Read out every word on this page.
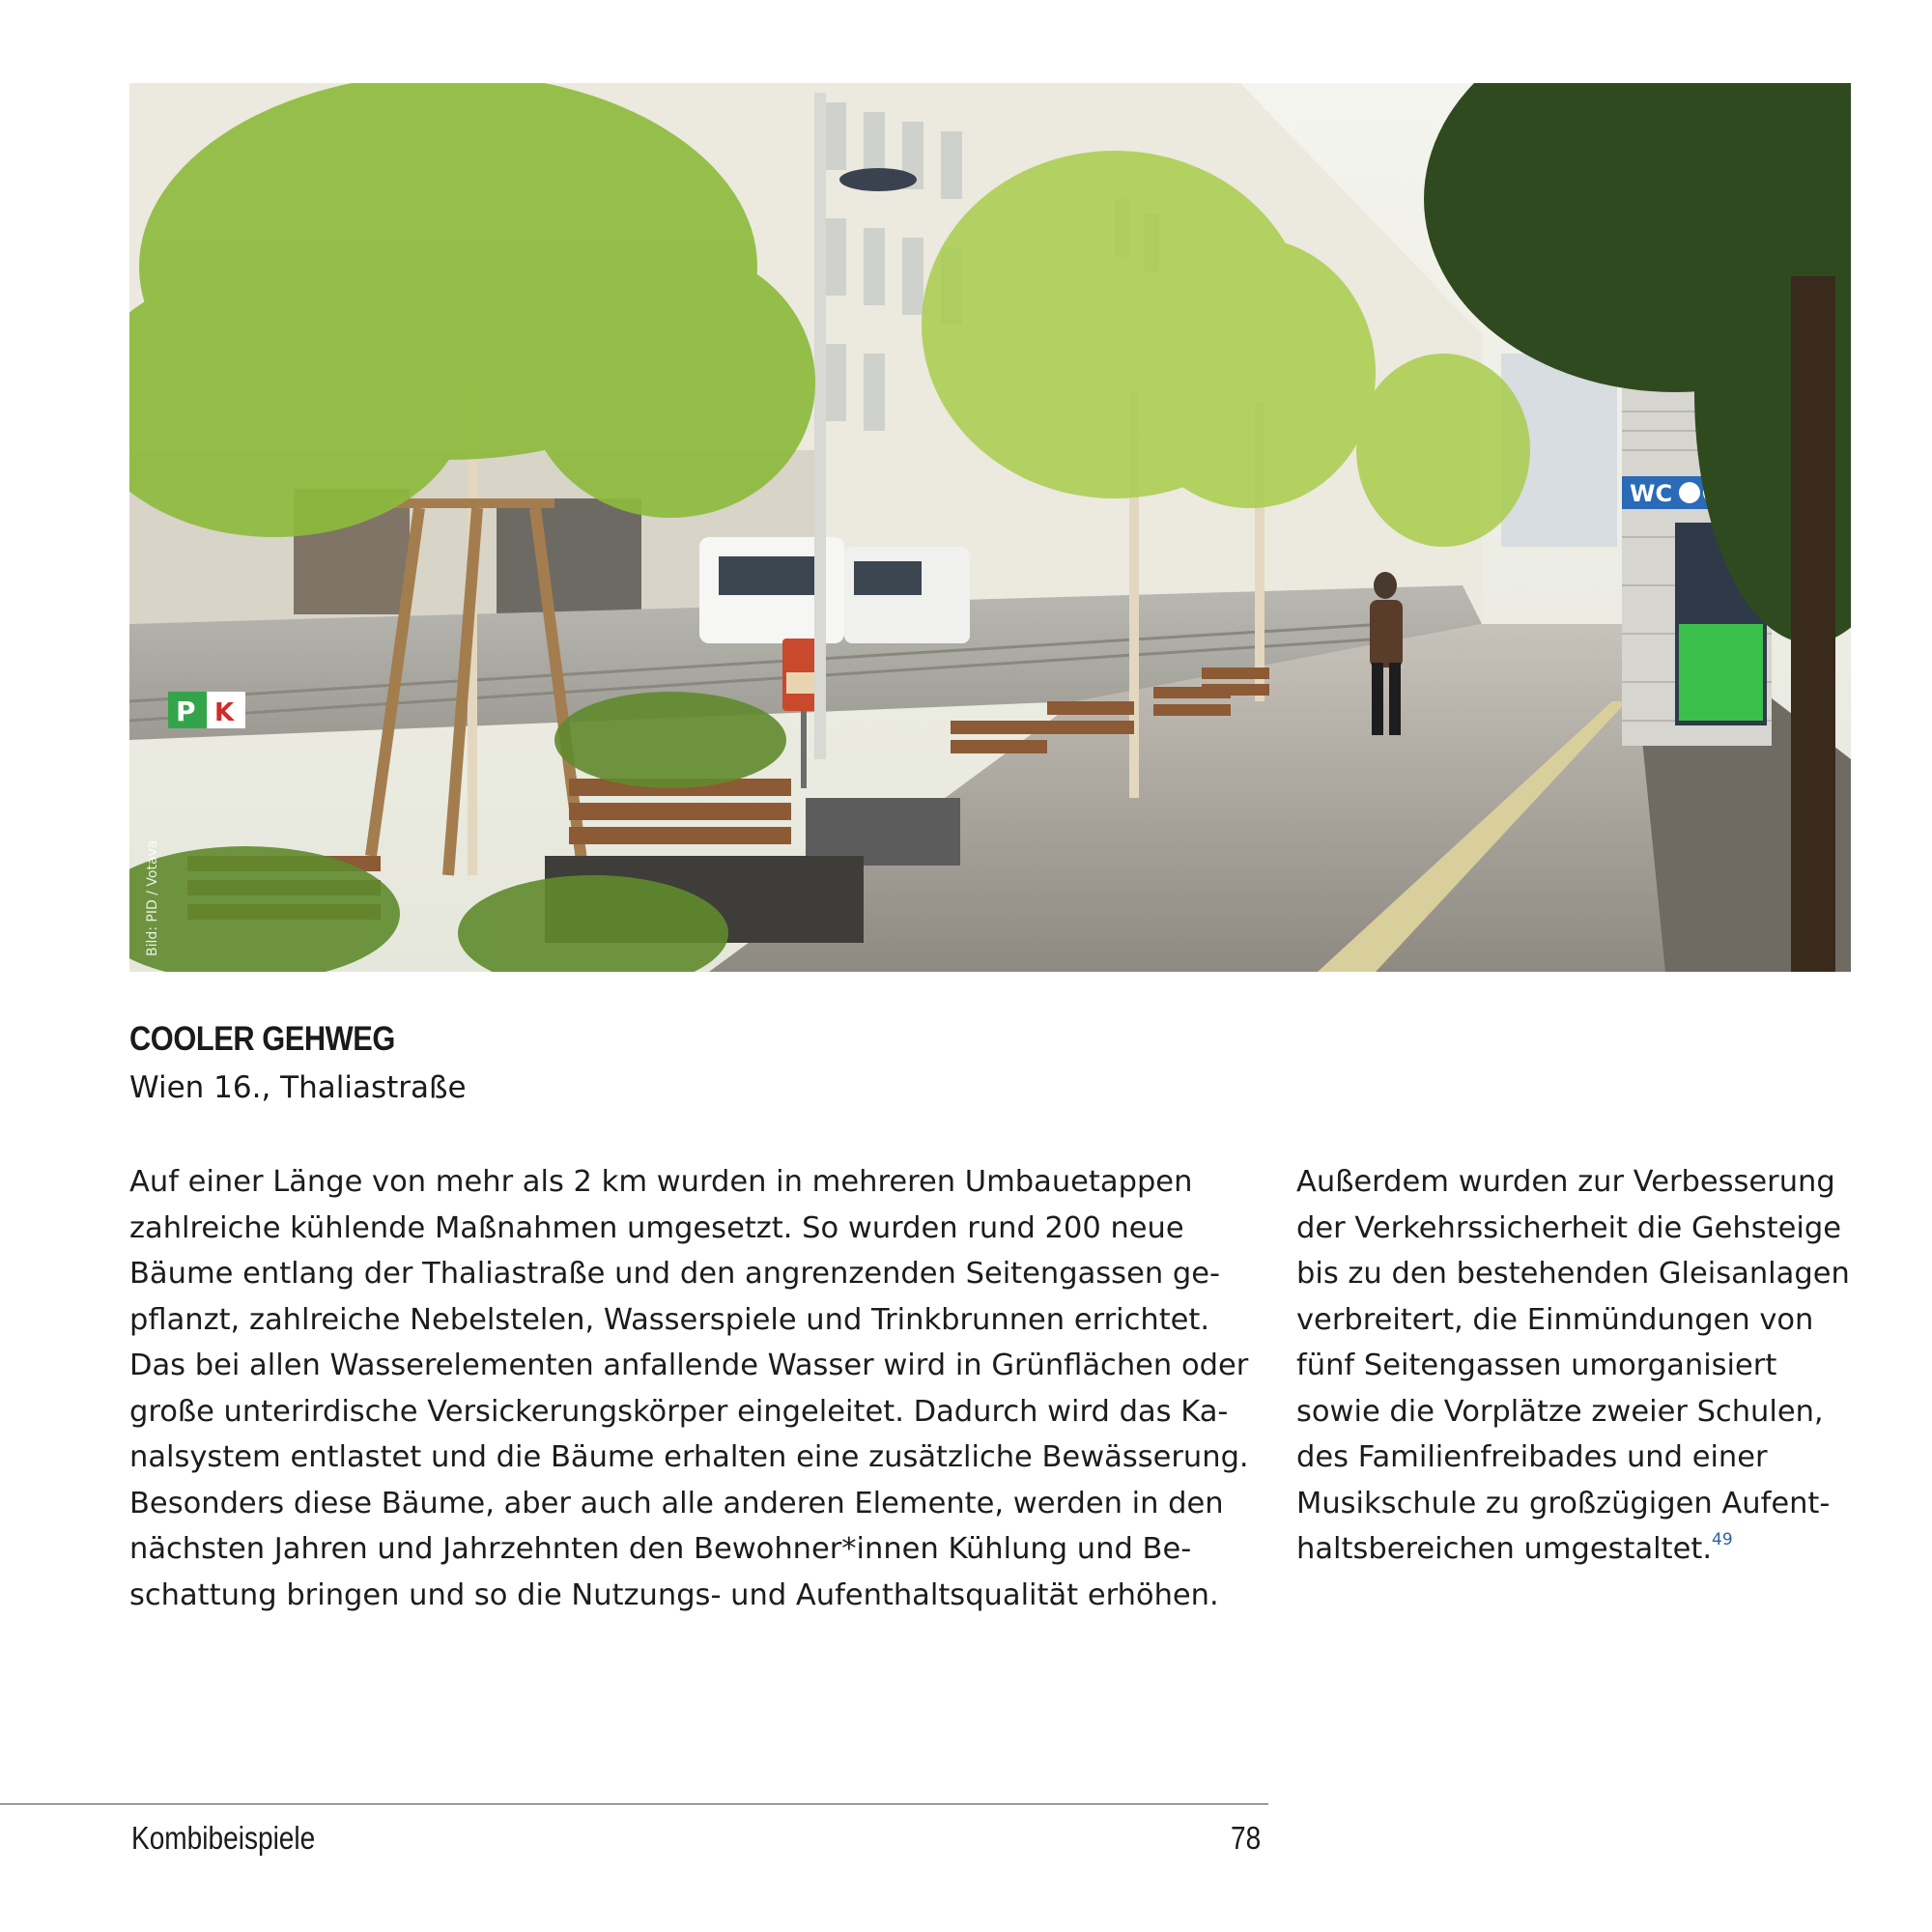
WC
P K
Bild: PID / Votava
COOLER GEHWEG

Wien 16., Thaliastraße

Auf einer Länge von mehr als 2 km wurden in mehreren Umbauetappen
zahlreiche kühlende Maßnahmen umgesetzt. So wurden rund 200 neue
Bäume entlang der Thaliastraße und den angrenzenden Seitengassen ge-
pflanzt, zahlreiche Nebelstelen, Wasserspiele und Trinkbrunnen errichtet.
Das bei allen Wasserelementen anfallende Wasser wird in Grünflächen oder
große unterirdische Versickerungskörper eingeleitet. Dadurch wird das Ka-
nalsystem entlastet und die Bäume erhalten eine zusätzliche Bewässerung.
Besonders diese Bäume, aber auch alle anderen Elemente, werden in den
nächsten Jahren und Jahrzehnten den Bewohner*innen Kühlung und Be-
schattung bringen und so die Nutzungs- und Aufenthaltsqualität erhöhen.
Außerdem wurden zur Verbesserung
der Verkehrssicherheit die Gehsteige
bis zu den bestehenden Gleisanlagen
verbreitert, die Einmündungen von
fünf Seitengassen umorganisiert
sowie die Vorplätze zweier Schulen,
des Familienfreibades und einer
Musikschule zu großzügigen Aufent-
haltsbereichen umgestaltet.$^{49}$
Kombibeispiele	78
